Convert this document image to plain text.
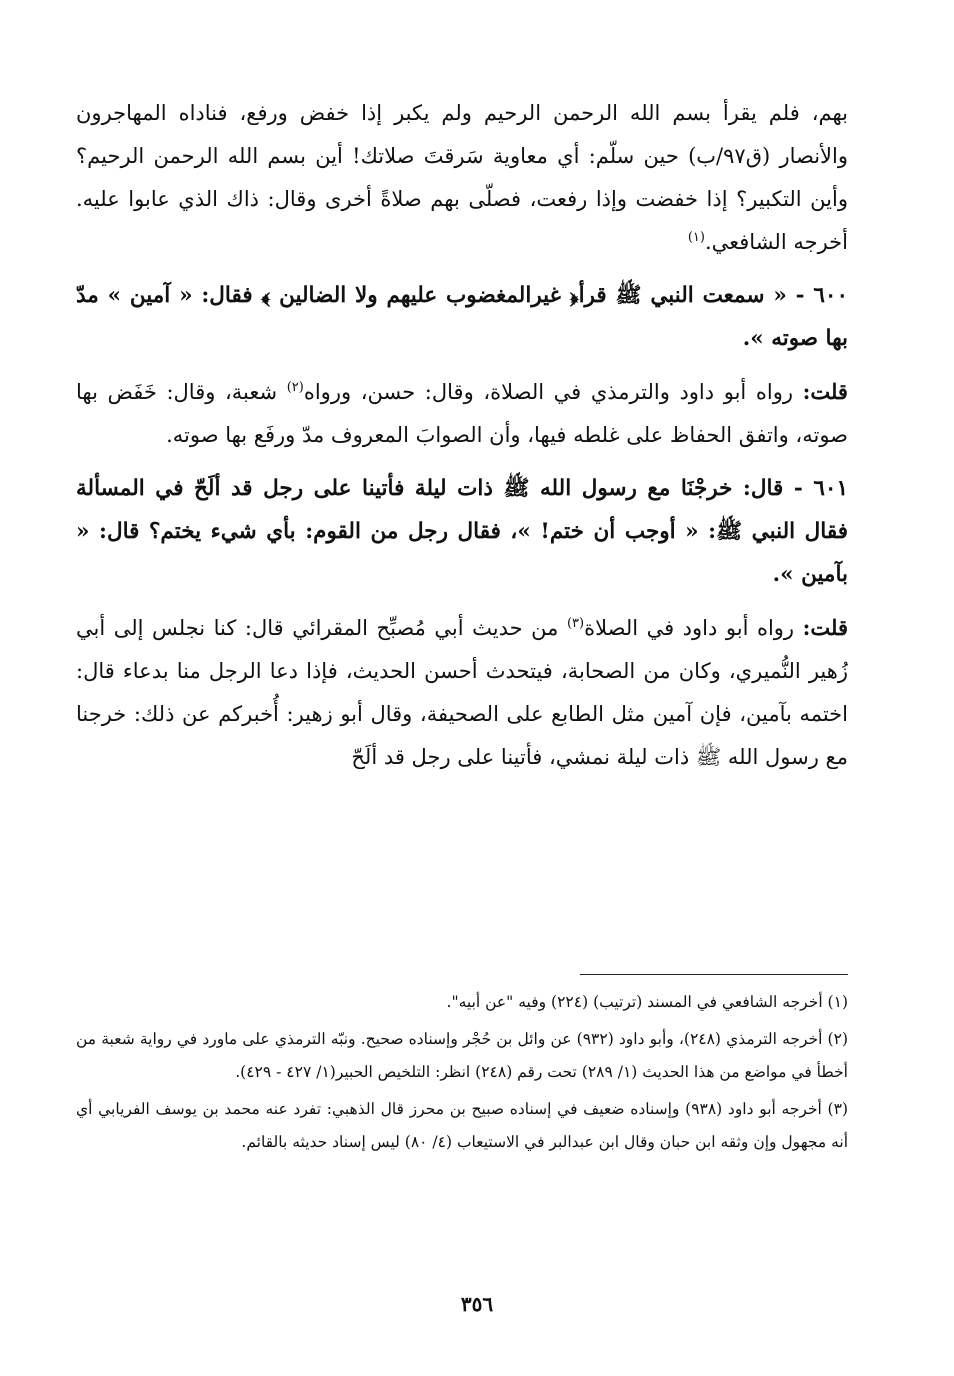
بهم، فلم يقرأ بسم الله الرحمن الرحيم ولم يكبر إذا خفض ورفع، فناداه المهاجرون والأنصار (ق٩٧/ب) حين سلّم: أي معاوية سَرقتَ صلاتك! أين بسم الله الرحمن الرحيم؟ وأين التكبير؟ إذا خفضت وإذا رفعت، فصلّى بهم صلاةً أخرى وقال: ذاك الذي عابوا عليه. أخرجه الشافعي.$^{(١)}$

٦٠٠ - « سمعت النبي ﷺ قرأ﴿ غيرالمغضوب عليهم ولا الضالين ﴾ فقال: « آمين » مدّ بها صوته ».

قلت: رواه أبو داود والترمذي في الصلاة، وقال: حسن، ورواه$^{(٢)}$ شعبة، وقال: خَفَض بها صوته، واتفق الحفاظ على غلطه فيها، وأن الصوابَ المعروف مدّ ورفَع بها صوته.

٦٠١ - قال: خرجْنَا مع رسول الله ﷺ ذات ليلة فأتينا على رجل قد ألَحّ في المسألة فقال النبي ﷺ: « أوجب أن ختم! »، فقال رجل من القوم: بأي شيء يختم؟ قال: « بآمين ».

قلت: رواه أبو داود في الصلاة$^{(٣)}$ من حديث أبي مُصبِّح المقرائي قال: كنا نجلس إلى أبي زُهير النُّميري، وكان من الصحابة، فيتحدث أحسن الحديث، فإذا دعا الرجل منا بدعاء قال: اختمه بآمين، فإن آمين مثل الطابع على الصحيفة، وقال أبو زهير: أُخبركم عن ذلك: خرجنا مع رسول الله ﷺ ذات ليلة نمشي، فأتينا على رجل قد ألَحّ

(١) أخرجه الشافعي في المسند (ترتيب) (٢٢٤) وفيه "عن أبيه".

(٢) أخرجه الترمذي (٢٤٨)، وأبو داود (٩٣٢) عن وائل بن حُجْر وإسناده صحيح. ونبّه الترمذي على ماورد في رواية شعبة من أخطأ في مواضع من هذا الحديث (١/ ٢٨٩) تحت رقم (٢٤٨) انظر: التلخيص الحبير(١/ ٤٢٧ - ٤٢٩).

(٣) أخرجه أبو داود (٩٣٨) وإسناده ضعيف في إسناده صبيح بن محرز قال الذهبي: تفرد عنه محمد بن يوسف الفريابي أي أنه مجهول وإن وثقه ابن حبان وقال ابن عبدالبر في الاستيعاب (٤/ ٨٠) ليس إسناد حديثه بالقائم.

٣٥٦
